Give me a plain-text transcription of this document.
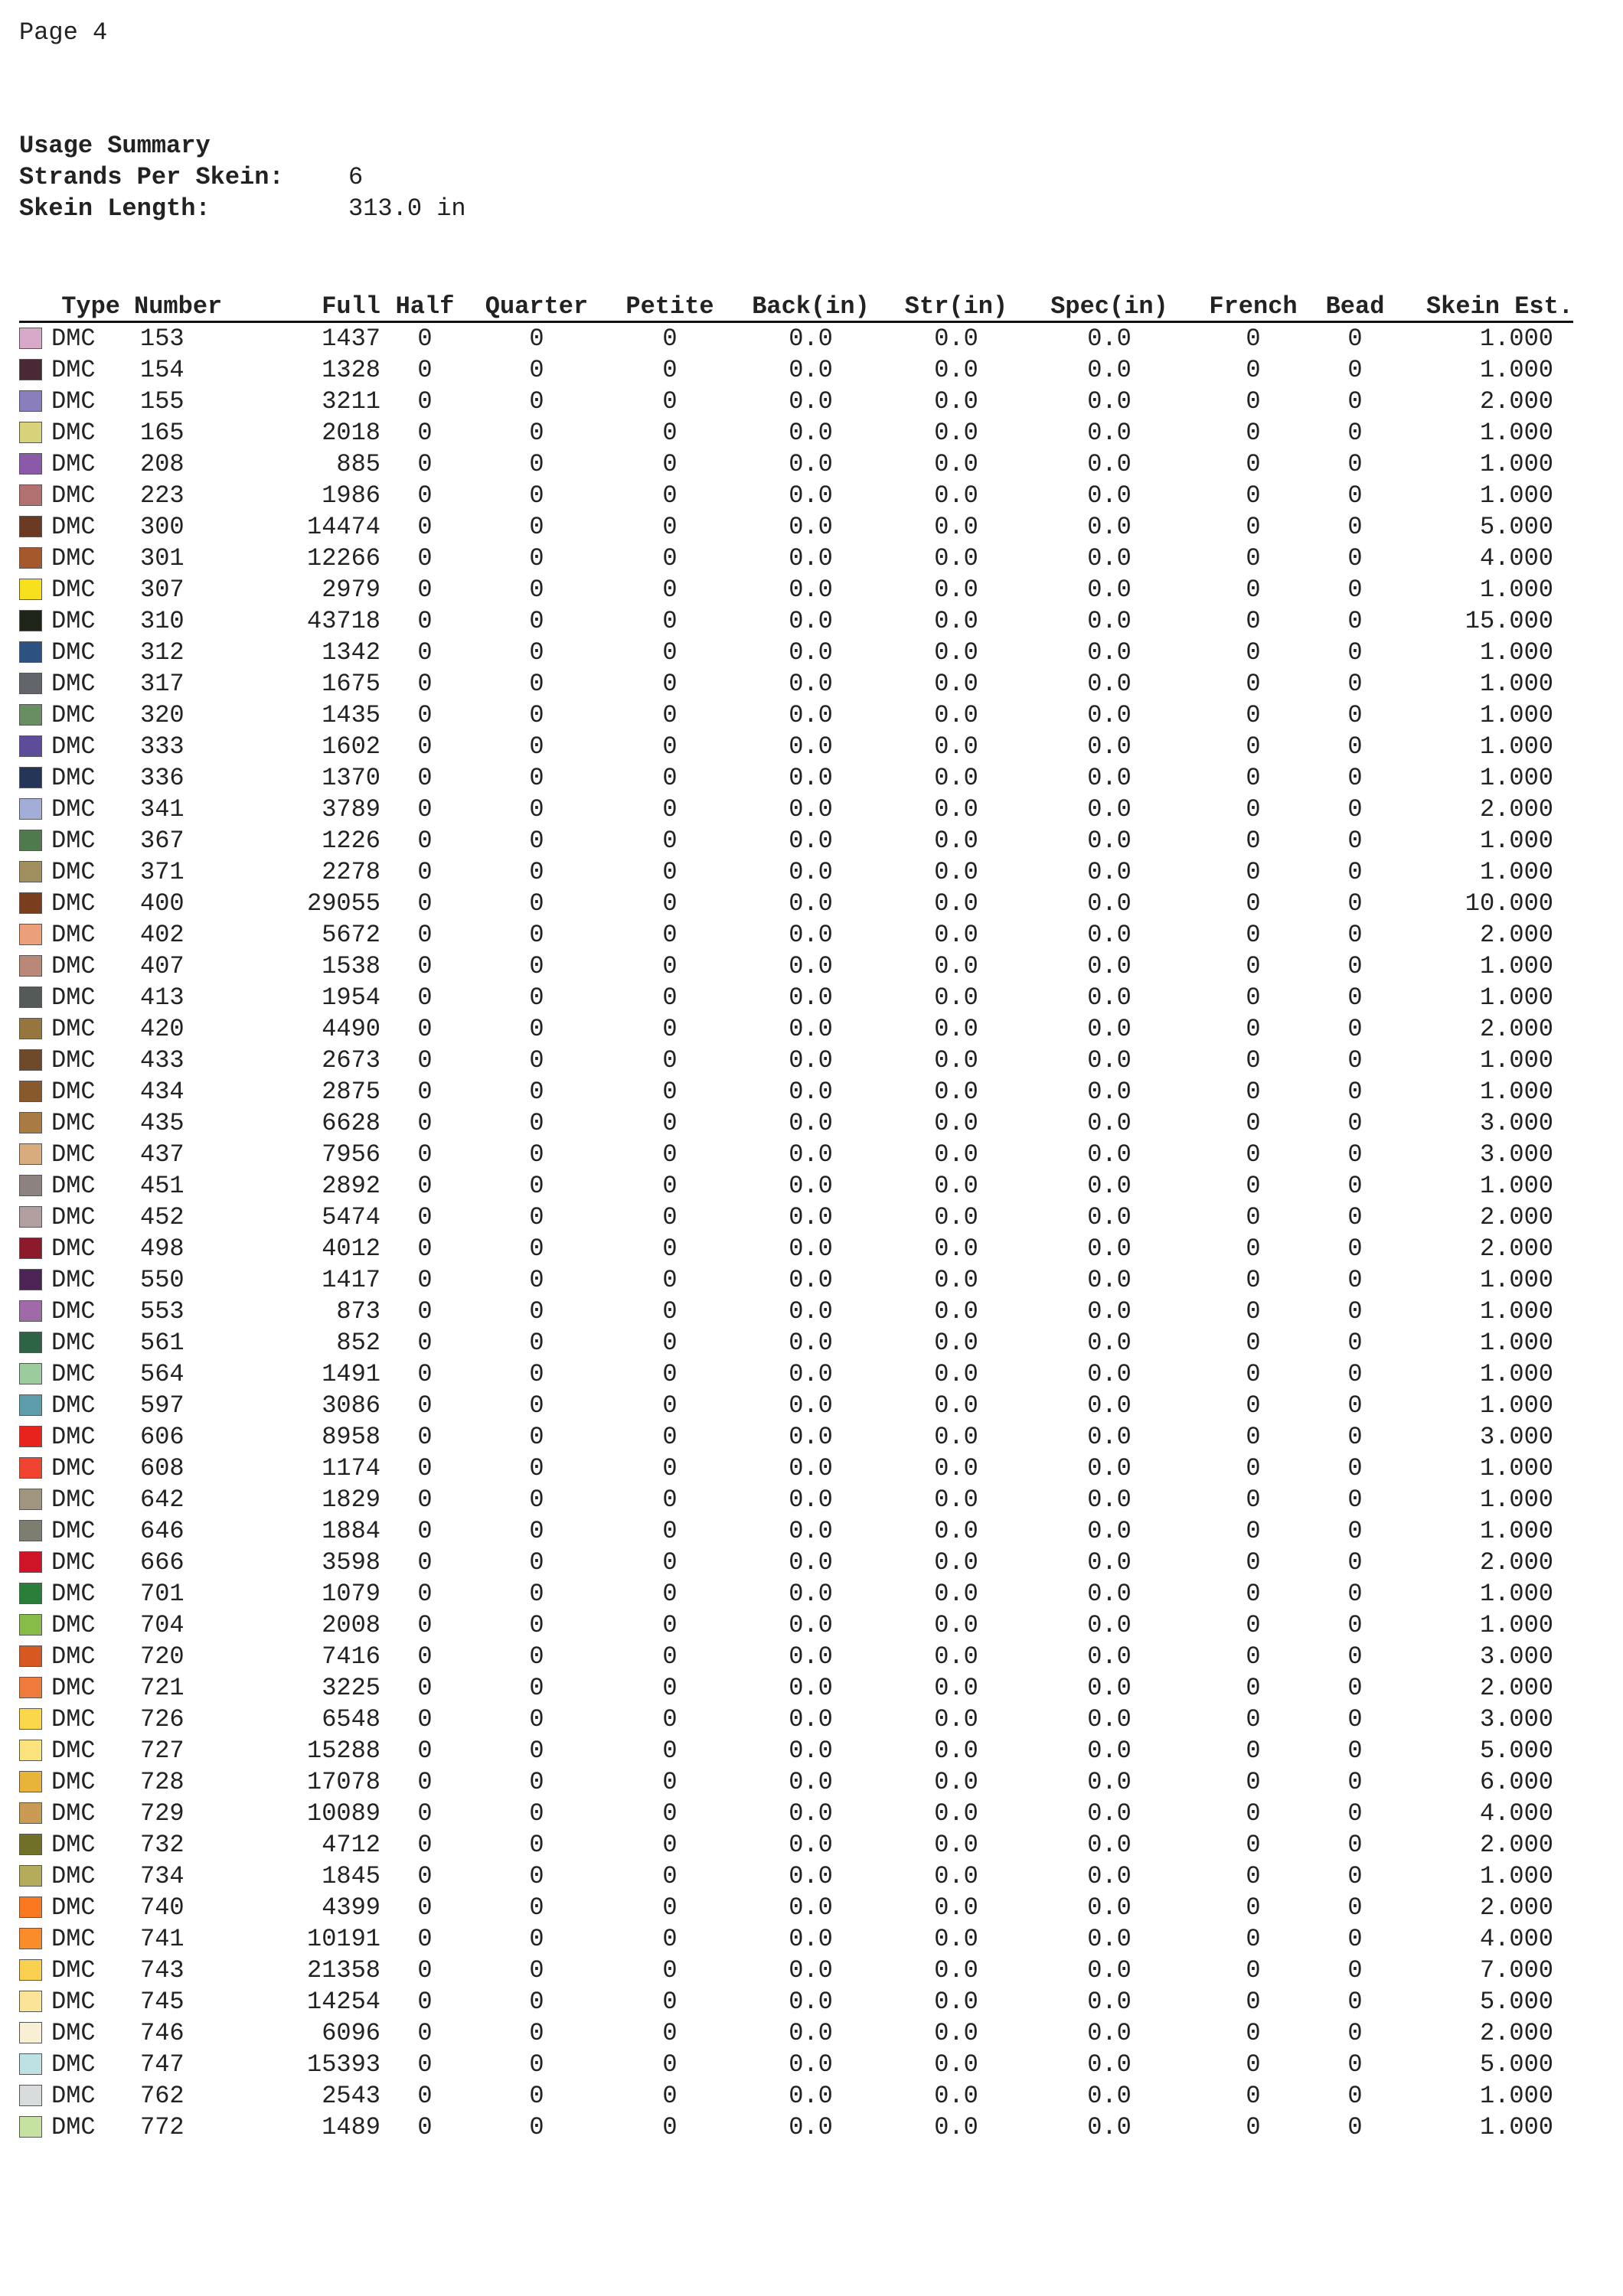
Page 4
Usage Summary
Strands Per Skein:	6
Skein Length:	313.0 in
Type	Number	Full	Half	Quarter	Petite	Back(in)	Str(in)	Spec(in)	French	Bead	Skein Est.
DMC	153	1437	0	0	0	0.0	0.0	0.0	0	0	1.000
DMC	154	1328	0	0	0	0.0	0.0	0.0	0	0	1.000
DMC	155	3211	0	0	0	0.0	0.0	0.0	0	0	2.000
DMC	165	2018	0	0	0	0.0	0.0	0.0	0	0	1.000
DMC	208	885	0	0	0	0.0	0.0	0.0	0	0	1.000
DMC	223	1986	0	0	0	0.0	0.0	0.0	0	0	1.000
DMC	300	14474	0	0	0	0.0	0.0	0.0	0	0	5.000
DMC	301	12266	0	0	0	0.0	0.0	0.0	0	0	4.000
DMC	307	2979	0	0	0	0.0	0.0	0.0	0	0	1.000
DMC	310	43718	0	0	0	0.0	0.0	0.0	0	0	15.000
DMC	312	1342	0	0	0	0.0	0.0	0.0	0	0	1.000
DMC	317	1675	0	0	0	0.0	0.0	0.0	0	0	1.000
DMC	320	1435	0	0	0	0.0	0.0	0.0	0	0	1.000
DMC	333	1602	0	0	0	0.0	0.0	0.0	0	0	1.000
DMC	336	1370	0	0	0	0.0	0.0	0.0	0	0	1.000
DMC	341	3789	0	0	0	0.0	0.0	0.0	0	0	2.000
DMC	367	1226	0	0	0	0.0	0.0	0.0	0	0	1.000
DMC	371	2278	0	0	0	0.0	0.0	0.0	0	0	1.000
DMC	400	29055	0	0	0	0.0	0.0	0.0	0	0	10.000
DMC	402	5672	0	0	0	0.0	0.0	0.0	0	0	2.000
DMC	407	1538	0	0	0	0.0	0.0	0.0	0	0	1.000
DMC	413	1954	0	0	0	0.0	0.0	0.0	0	0	1.000
DMC	420	4490	0	0	0	0.0	0.0	0.0	0	0	2.000
DMC	433	2673	0	0	0	0.0	0.0	0.0	0	0	1.000
DMC	434	2875	0	0	0	0.0	0.0	0.0	0	0	1.000
DMC	435	6628	0	0	0	0.0	0.0	0.0	0	0	3.000
DMC	437	7956	0	0	0	0.0	0.0	0.0	0	0	3.000
DMC	451	2892	0	0	0	0.0	0.0	0.0	0	0	1.000
DMC	452	5474	0	0	0	0.0	0.0	0.0	0	0	2.000
DMC	498	4012	0	0	0	0.0	0.0	0.0	0	0	2.000
DMC	550	1417	0	0	0	0.0	0.0	0.0	0	0	1.000
DMC	553	873	0	0	0	0.0	0.0	0.0	0	0	1.000
DMC	561	852	0	0	0	0.0	0.0	0.0	0	0	1.000
DMC	564	1491	0	0	0	0.0	0.0	0.0	0	0	1.000
DMC	597	3086	0	0	0	0.0	0.0	0.0	0	0	1.000
DMC	606	8958	0	0	0	0.0	0.0	0.0	0	0	3.000
DMC	608	1174	0	0	0	0.0	0.0	0.0	0	0	1.000
DMC	642	1829	0	0	0	0.0	0.0	0.0	0	0	1.000
DMC	646	1884	0	0	0	0.0	0.0	0.0	0	0	1.000
DMC	666	3598	0	0	0	0.0	0.0	0.0	0	0	2.000
DMC	701	1079	0	0	0	0.0	0.0	0.0	0	0	1.000
DMC	704	2008	0	0	0	0.0	0.0	0.0	0	0	1.000
DMC	720	7416	0	0	0	0.0	0.0	0.0	0	0	3.000
DMC	721	3225	0	0	0	0.0	0.0	0.0	0	0	2.000
DMC	726	6548	0	0	0	0.0	0.0	0.0	0	0	3.000
DMC	727	15288	0	0	0	0.0	0.0	0.0	0	0	5.000
DMC	728	17078	0	0	0	0.0	0.0	0.0	0	0	6.000
DMC	729	10089	0	0	0	0.0	0.0	0.0	0	0	4.000
DMC	732	4712	0	0	0	0.0	0.0	0.0	0	0	2.000
DMC	734	1845	0	0	0	0.0	0.0	0.0	0	0	1.000
DMC	740	4399	0	0	0	0.0	0.0	0.0	0	0	2.000
DMC	741	10191	0	0	0	0.0	0.0	0.0	0	0	4.000
DMC	743	21358	0	0	0	0.0	0.0	0.0	0	0	7.000
DMC	745	14254	0	0	0	0.0	0.0	0.0	0	0	5.000
DMC	746	6096	0	0	0	0.0	0.0	0.0	0	0	2.000
DMC	747	15393	0	0	0	0.0	0.0	0.0	0	0	5.000
DMC	762	2543	0	0	0	0.0	0.0	0.0	0	0	1.000
DMC	772	1489	0	0	0	0.0	0.0	0.0	0	0	1.000
